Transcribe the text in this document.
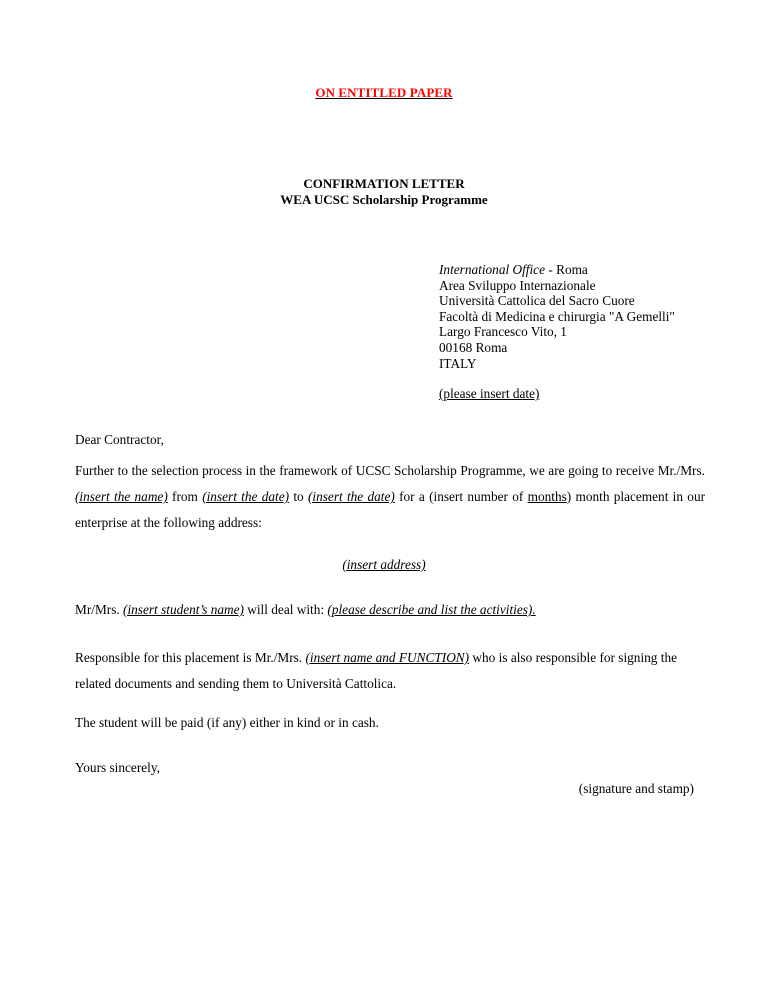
ON ENTITLED PAPER
CONFIRMATION LETTER
WEA UCSC Scholarship Programme
International Office - Roma
Area Sviluppo Internazionale
Università Cattolica del Sacro Cuore
Facoltà di Medicina e chirurgia "A Gemelli"
Largo Francesco Vito, 1
00168 Roma
ITALY
(please insert date)
Dear Contractor,
Further to the selection process in the framework of UCSC Scholarship Programme, we are going to receive Mr./Mrs. (insert the name) from (insert the date) to (insert the date) for a (insert number of months) month placement in our enterprise at the following address:
(insert address)
Mr/Mrs. (insert student’s name) will deal with: (please describe and list the activities).
Responsible for this placement is Mr./Mrs. (insert name and FUNCTION) who is also responsible for signing the related documents and sending them to Università Cattolica.
The student will be paid (if any) either in kind or in cash.
Yours sincerely,
(signature and stamp)
